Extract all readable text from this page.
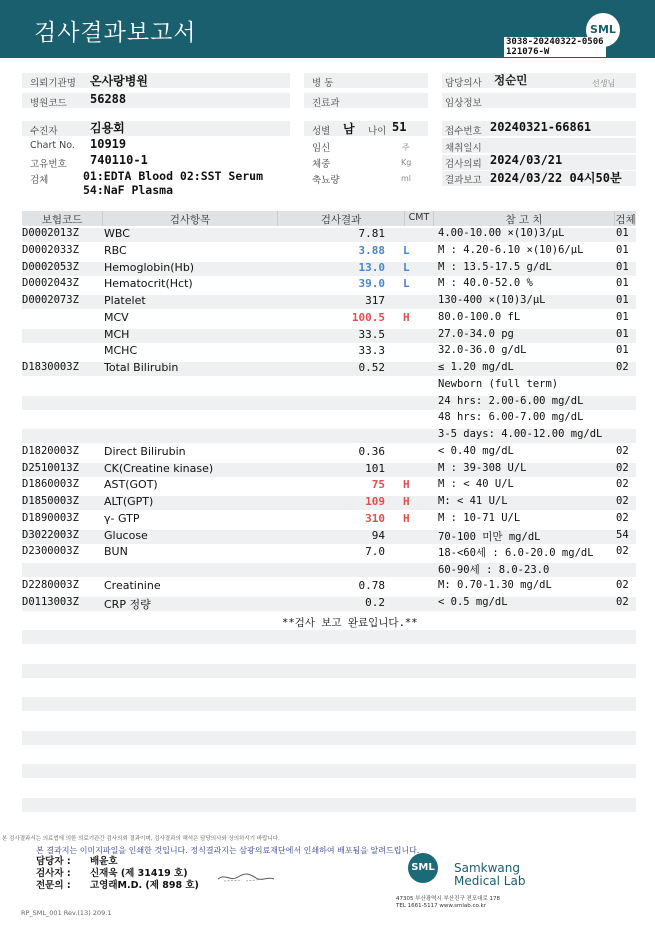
검사결과보고서	SML
3038-20240322-0506
121076-W
의뢰기관명 온사랑병원
병원코드 56288
병 동
진료과
담당의사 정순민	선생님
임상정보
수진자	김용회
Chart No. 10919
고유번호 740110-1
검체	01:EDTA Blood 02:SST Serum
54:NaF Plasma
성별 남 나이 51
임신	주
체중	Kg
축뇨량	ml
접수번호 20240321-66861
채취일시
검사의뢰 2024/03/21
결과보고 2024/03/22 04시50분
보험코드	검사항목	검사결과	CMT	참 고 치	검체
D0002013Z WBC	7.81	4.00-10.00 ×(10)3/μL	01
D0002033Z RBC	3.88 L	M : 4.20-6.10 ×(10)6/μL	01
D0002053Z Hemoglobin(Hb)	13.0 L	M : 13.5-17.5 g/dL	01
D0002043Z Hematocrit(Hct)	39.0 L	M : 40.0-52.0 %	01
D0002073Z Platelet	317	130-400 ×(10)3/μL	01
MCV	100.5 H	80.0-100.0 fL	01
MCH	33.5	27.0-34.0 pg	01
MCHC	33.3	32.0-36.0 g/dL	01
D1830003Z Total Bilirubin	0.52	≤ 1.20 mg/dL	02
Newborn (full term)
24 hrs: 2.00-6.00 mg/dL
48 hrs: 6.00-7.00 mg/dL
3-5 days: 4.00-12.00 mg/dL
D1820003Z Direct Bilirubin	0.36	< 0.40 mg/dL	02
D2510013Z CK(Creatine kinase)	101	M : 39-308 U/L	02
D1860003Z AST(GOT)	75 H	M : < 40 U/L	02
D1850003Z ALT(GPT)	109 H	M: < 41 U/L	02
D1890003Z γ- GTP	310 H	M : 10-71 U/L	02
D3022003Z Glucose	94	70-100 미만 mg/dL	54
D2300003Z BUN	7.0	18-<60세 : 6.0-20.0 mg/dL 02
60-90세 : 8.0-23.0
D2280003Z Creatinine	0.78	M: 0.70-1.30 mg/dL	02
D0113003Z CRP 정량	0.2	< 0.5 mg/dL	02
**검사 보고 완료입니다.**
본 검사결과서는 의료법에 의한 의료기관간 검사의뢰 결과이며, 검사결과의 해석은 담당의사와 상의하시기 바랍니다.
본 결과지는 이미지파일을 인쇄한 것입니다. 정식결과지는 삼광의료재단에서 인쇄하여 배포됨을 알려드립니다.
담당자 : 배윤호
검사자 : 신재욱 (제 31419 호)
전문의 : 고영래M.D. (제 898 호)
SML Samkwang
Medical Lab
47305 부산광역시 부산진구 전포대로 178
TEL 1661-5117 www.smlab.co.kr
RP_SML_001 Rev.(13) 209.1
